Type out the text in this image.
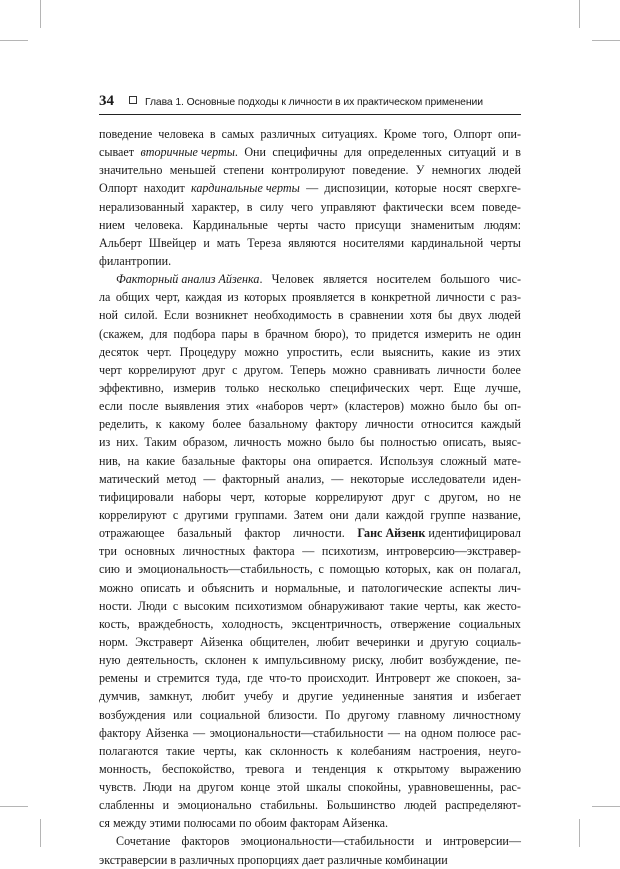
34	Глава 1. Основные подходы к личности в их практическом применении
поведение человека в самых различных ситуациях. Кроме того, Олпорт опи-
сывает вторичные черты. Они специфичны для определенных ситуаций и в
значительно меньшей степени контролируют поведение. У немногих людей
Олпорт находит кардинальные черты — диспозиции, которые носят сверхге-
нерализованный характер, в силу чего управляют фактически всем поведе-
нием человека. Кардинальные черты часто присущи знаменитым людям:
Альберт Швейцер и мать Тереза являются носителями кардинальной черты
филантропии.
Факторный анализ Айзенка. Человек является носителем большого чис-
ла общих черт, каждая из которых проявляется в конкретной личности с раз-
ной силой. Если возникнет необходимость в сравнении хотя бы двух людей
(скажем, для подбора пары в брачном бюро), то придется измерить не один
десяток черт. Процедуру можно упростить, если выяснить, какие из этих
черт коррелируют друг с другом. Теперь можно сравнивать личности более
эффективно, измерив только несколько специфических черт. Еще лучше,
если после выявления этих «наборов черт» (кластеров) можно было бы оп-
ределить, к какому более базальному фактору личности относится каждый
из них. Таким образом, личность можно было бы полностью описать, выяс-
нив, на какие базальные факторы она опирается. Используя сложный мате-
матический метод — факторный анализ, — некоторые исследователи иден-
тифицировали наборы черт, которые коррелируют друг с другом, но не
коррелируют с другими группами. Затем они дали каждой группе название,
отражающее базальный фактор личности. Ганс Айзенк идентифицировал
три основных личностных фактора — психотизм, интроверсию—экстравер-
сию и эмоциональность—стабильность, с помощью которых, как он полагал,
можно описать и объяснить и нормальные, и патологические аспекты лич-
ности. Люди с высоким психотизмом обнаруживают такие черты, как жесто-
кость, враждебность, холодность, эксцентричность, отвержение социальных
норм. Экстраверт Айзенка общителен, любит вечеринки и другую социаль-
ную деятельность, склонен к импульсивному риску, любит возбуждение, пе-
ремены и стремится туда, где что-то происходит. Интроверт же спокоен, за-
думчив, замкнут, любит учебу и другие уединенные занятия и избегает
возбуждения или социальной близости. По другому главному личностному
фактору Айзенка — эмоциональности—стабильности — на одном полюсе рас-
полагаются такие черты, как склонность к колебаниям настроения, неуго-
монность, беспокойство, тревога и тенденция к открытому выражению
чувств. Люди на другом конце этой шкалы спокойны, уравновешенны, рас-
слабленны и эмоционально стабильны. Большинство людей распределяют-
ся между этими полюсами по обоим факторам Айзенка.
Сочетание факторов эмоциональности—стабильности и интроверсии—
экстраверсии в различных пропорциях дает различные комбинации
